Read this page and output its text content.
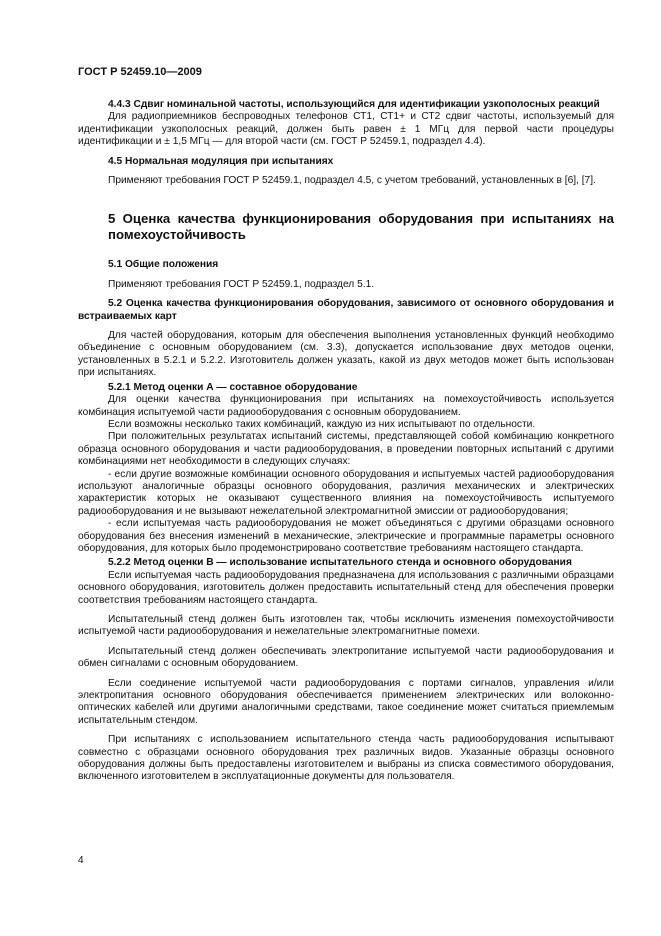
ГОСТ Р 52459.10—2009

4.4.3 Сдвиг номинальной частоты, использующийся для идентификации узкополосных реакций

Для радиоприемников беспроводных телефонов СТ1, СТ1+ и СТ2 сдвиг частоты, используемый для идентификации узкополосных реакций, должен быть равен ± 1 МГц для первой части процедуры идентификации и ± 1,5 МГц — для второй части (см. ГОСТ Р 52459.1, подраздел 4.4).

4.5 Нормальная модуляция при испытаниях

Применяют требования ГОСТ Р 52459.1, подраздел 4.5, с учетом требований, установленных в [6], [7].

5 Оценка качества функционирования оборудования при испытаниях на помехоустойчивость

5.1 Общие положения

Применяют требования ГОСТ Р 52459.1, подраздел 5.1.

5.2 Оценка качества функционирования оборудования, зависимого от основного оборудования и встраиваемых карт

Для частей оборудования, которым для обеспечения выполнения установленных функций необходимо объединение с основным оборудованием (см. 3.3), допускается использование двух методов оценки, установленных в 5.2.1 и 5.2.2. Изготовитель должен указать, какой из двух методов может быть использован при испытаниях.

5.2.1 Метод оценки А — составное оборудование

Для оценки качества функционирования при испытаниях на помехоустойчивость используется комбинация испытуемой части радиооборудования с основным оборудованием.

Если возможны несколько таких комбинаций, каждую из них испытывают по отдельности.

При положительных результатах испытаний системы, представляющей собой комбинацию конкретного образца основного оборудования и части радиооборудования, в проведении повторных испытаний с другими комбинациями нет необходимости в следующих случаях:

- если другие возможные комбинации основного оборудования и испытуемых частей радиооборудования используют аналогичные образцы основного оборудования, различия механических и электрических характеристик которых не оказывают существенного влияния на помехоустойчивость испытуемого радиооборудования и не вызывают нежелательной электромагнитной эмиссии от радиооборудования;

- если испытуемая часть радиооборудования не может объединяться с другими образцами основного оборудования без внесения изменений в механические, электрические и программные параметры основного оборудования, для которых было продемонстрировано соответствие требованиям настоящего стандарта.

5.2.2 Метод оценки В — использование испытательного стенда и основного оборудования

Если испытуемая часть радиооборудования предназначена для использования с различными образцами основного оборудования, изготовитель должен предоставить испытательный стенд для обеспечения проверки соответствия требованиям настоящего стандарта.

Испытательный стенд должен быть изготовлен так, чтобы исключить изменения помехоустойчивости испытуемой части радиооборудования и нежелательные электромагнитные помехи.

Испытательный стенд должен обеспечивать электропитание испытуемой части радиооборудования и обмен сигналами с основным оборудованием.

Если соединение испытуемой части радиооборудования с портами сигналов, управления и/или электропитания основного оборудования обеспечивается применением электрических или волоконно-оптических кабелей или другими аналогичными средствами, такое соединение может считаться приемлемым испытательным стендом.

При испытаниях с использованием испытательного стенда часть радиооборудования испытывают совместно с образцами основного оборудования трех различных видов. Указанные образцы основного оборудования должны быть предоставлены изготовителем и выбраны из списка совместимого оборудования, включенного изготовителем в эксплуатационные документы для пользователя.

4
